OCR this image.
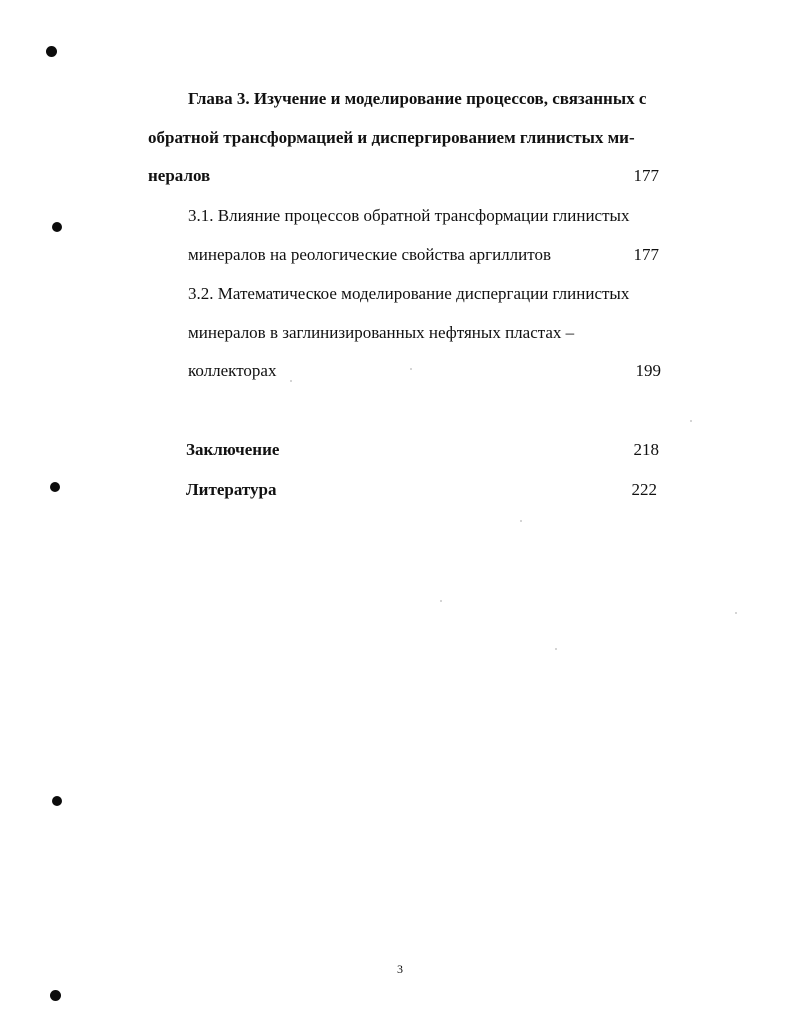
Глава 3. Изучение и моделирование процессов, связанных с
обратной трансформацией и диспергированием глинистых ми-
нералов	177
3.1. Влияние процессов обратной трансформации глинистых
минералов на реологические свойства аргиллитов	177
3.2. Математическое моделирование диспергации глинистых
минералов в заглинизированных нефтяных пластах –
коллекторах	199
Заключение	218
Литература	222
3
